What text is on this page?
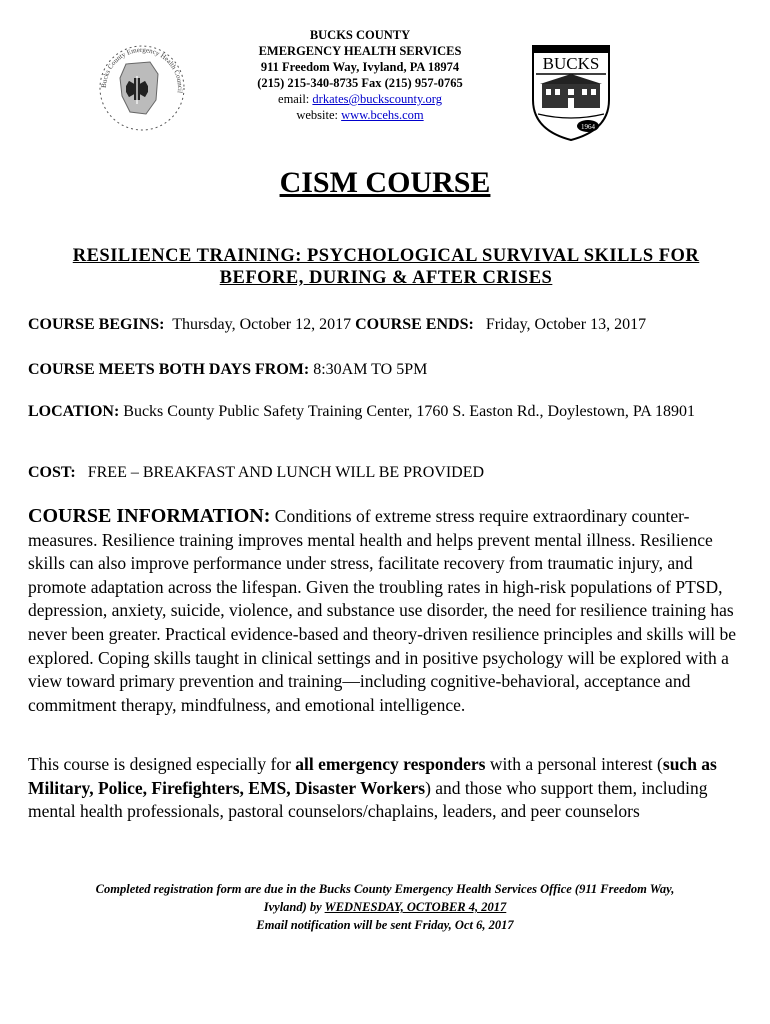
BUCKS COUNTY
EMERGENCY HEALTH SERVICES
911 Freedom Way, Ivyland, PA 18974
(215) 215-340-8735 Fax (215) 957-0765
email: drkates@buckscounty.org
website: www.bcehs.com
Bucks County Emergency Health Council
BUCKS
1964
CISM COURSE
RESILIENCE TRAINING: PSYCHOLOGICAL SURVIVAL SKILLS FOR
BEFORE, DURING & AFTER CRISES
COURSE BEGINS: Thursday, October 12, 2017 COURSE ENDS: Friday, October 13, 2017
COURSE MEETS BOTH DAYS FROM: 8:30AM TO 5PM
LOCATION: Bucks County Public Safety Training Center, 1760 S. Easton Rd., Doylestown, PA 18901
COST: FREE – BREAKFAST AND LUNCH WILL BE PROVIDED
COURSE INFORMATION: Conditions of extreme stress require extraordinary counter-measures. Resilience training improves mental health and helps prevent mental illness. Resilience skills can also improve performance under stress, facilitate recovery from traumatic injury, and promote adaptation across the lifespan. Given the troubling rates in high-risk populations of PTSD, depression, anxiety, suicide, violence, and substance use disorder, the need for resilience training has never been greater. Practical evidence-based and theory-driven resilience principles and skills will be explored. Coping skills taught in clinical settings and in positive psychology will be explored with a view toward primary prevention and training—including cognitive-behavioral, acceptance and commitment therapy, mindfulness, and emotional intelligence.
This course is designed especially for all emergency responders with a personal interest (such as Military, Police, Firefighters, EMS, Disaster Workers) and those who support them, including mental health professionals, pastoral counselors/chaplains, leaders, and peer counselors
Completed registration form are due in the Bucks County Emergency Health Services Office (911 Freedom Way,
Ivyland) by WEDNESDAY, OCTOBER 4, 2017
Email notification will be sent Friday, Oct 6, 2017
